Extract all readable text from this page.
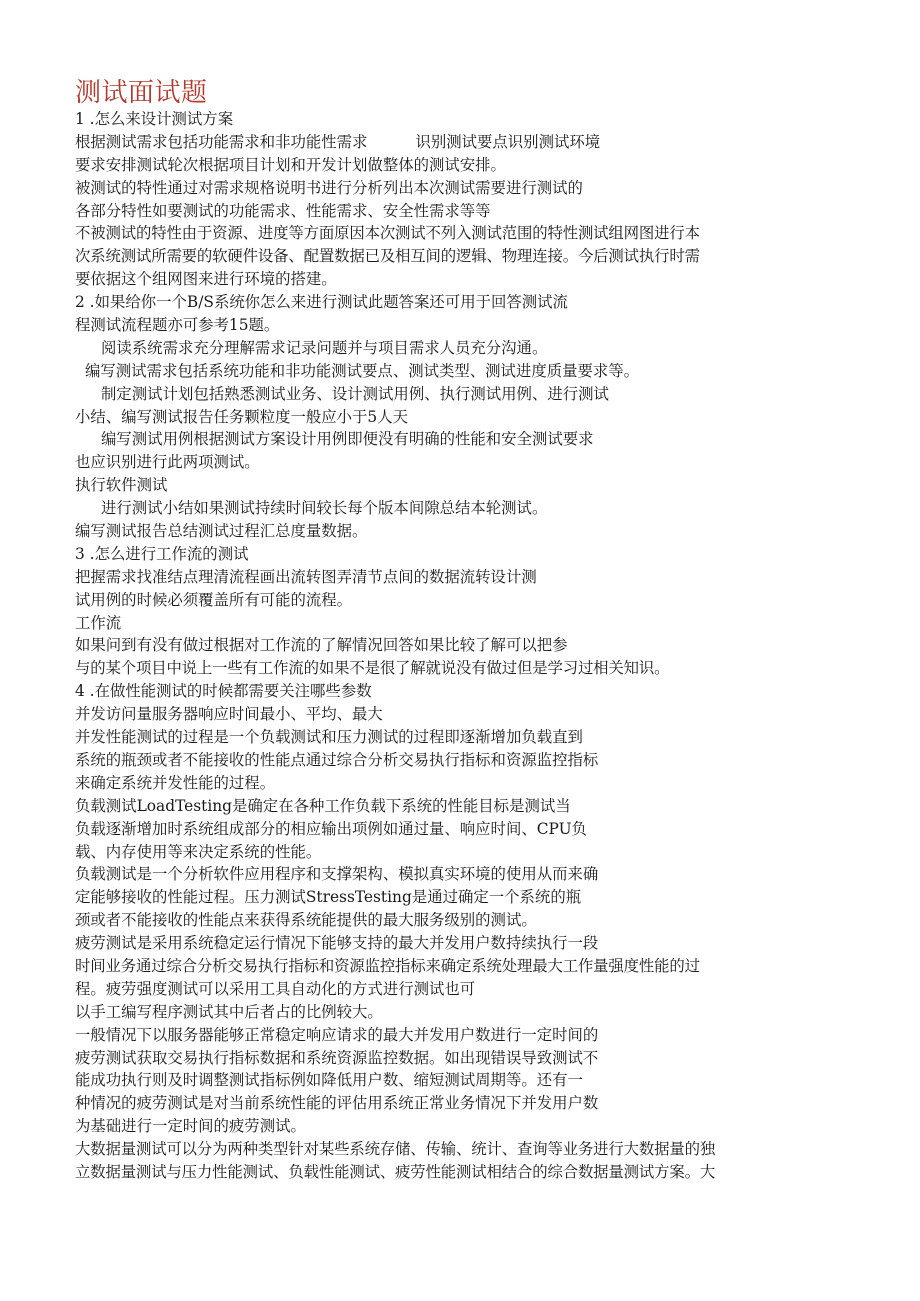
测试面试题
1 .怎么来设计测试方案
根据测试需求包括功能需求和非功能性需求	识别测试要点识别测试环境
要求安排测试轮次根据项目计划和开发计划做整体的测试安排。
被测试的特性通过对需求规格说明书进行分析列出本次测试需要进行测试的
各部分特性如要测试的功能需求、性能需求、安全性需求等等
不被测试的特性由于资源、进度等方面原因本次测试不列入测试范围的特性测试组网图进行本
次系统测试所需要的软硬件设备、配置数据已及相互间的逻辑、物理连接。今后测试执行时需
要依据这个组网图来进行环境的搭建。
2 .如果给你一个B/S系统你怎么来进行测试此题答案还可用于回答测试流
程测试流程题亦可参考15题。
阅读系统需求充分理解需求记录问题并与项目需求人员充分沟通。
编写测试需求包括系统功能和非功能测试要点、测试类型、测试进度质量要求等。
制定测试计划包括熟悉测试业务、设计测试用例、执行测试用例、进行测试
小结、编写测试报告任务颗粒度一般应小于5人天
编写测试用例根据测试方案设计用例即便没有明确的性能和安全测试要求
也应识别进行此两项测试。
执行软件测试
进行测试小结如果测试持续时间较长每个版本间隙总结本轮测试。
编写测试报告总结测试过程汇总度量数据。
3 .怎么进行工作流的测试
把握需求找准结点理清流程画出流转图弄清节点间的数据流转设计测
试用例的时候必须覆盖所有可能的流程。
工作流
如果问到有没有做过根据对工作流的了解情况回答如果比较了解可以把参
与的某个项目中说上一些有工作流的如果不是很了解就说没有做过但是学习过相关知识。
4 .在做性能测试的时候都需要关注哪些参数
并发访问量服务器响应时间最小、平均、最大
并发性能测试的过程是一个负载测试和压力测试的过程即逐渐增加负载直到
系统的瓶颈或者不能接收的性能点通过综合分析交易执行指标和资源监控指标
来确定系统并发性能的过程。
负载测试LoadTesting是确定在各种工作负载下系统的性能目标是测试当
负载逐渐增加时系统组成部分的相应输出项例如通过量、响应时间、CPU负
载、内存使用等来决定系统的性能。
负载测试是一个分析软件应用程序和支撑架构、模拟真实环境的使用从而来确
定能够接收的性能过程。压力测试StressTesting是通过确定一个系统的瓶
颈或者不能接收的性能点来获得系统能提供的最大服务级别的测试。
疲劳测试是采用系统稳定运行情况下能够支持的最大并发用户数持续执行一段
时间业务通过综合分析交易执行指标和资源监控指标来确定系统处理最大工作量强度性能的过
程。疲劳强度测试可以采用工具自动化的方式进行测试也可
以手工编写程序测试其中后者占的比例较大。
一般情况下以服务器能够正常稳定响应请求的最大并发用户数进行一定时间的
疲劳测试获取交易执行指标数据和系统资源监控数据。如出现错误导致测试不
能成功执行则及时调整测试指标例如降低用户数、缩短测试周期等。还有一
种情况的疲劳测试是对当前系统性能的评估用系统正常业务情况下并发用户数
为基础进行一定时间的疲劳测试。
大数据量测试可以分为两种类型针对某些系统存储、传输、统计、查询等业务进行大数据量的独
立数据量测试与压力性能测试、负载性能测试、疲劳性能测试相结合的综合数据量测试方案。大
